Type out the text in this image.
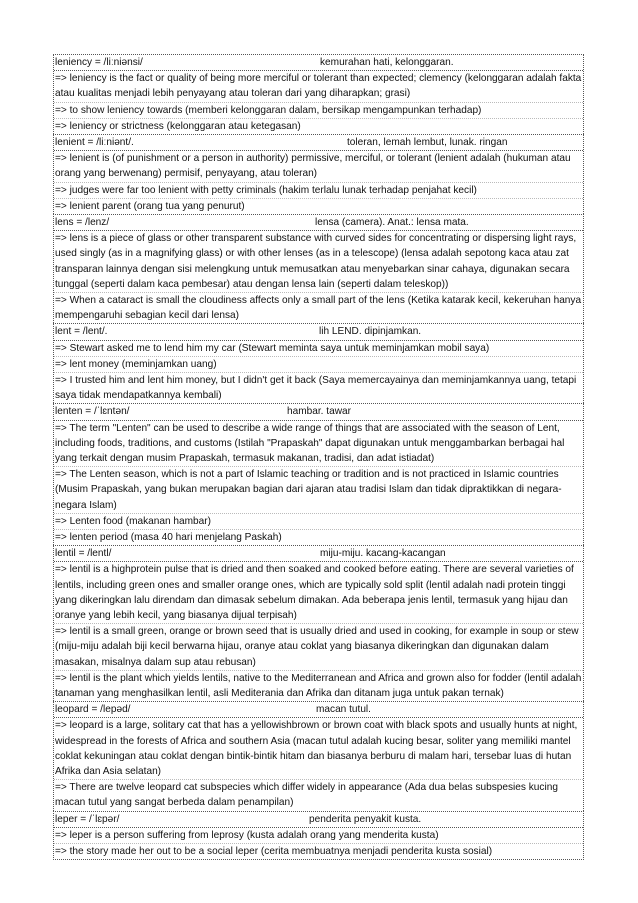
leniency = /liːniənsi/	kemurahan hati, kelonggaran.

=> leniency is the fact or quality of being more merciful or tolerant than expected; clemency (kelonggaran adalah fakta atau kualitas menjadi lebih penyayang atau toleran dari yang diharapkan; grasi)

=> to show leniency towards (memberi kelonggaran dalam, bersikap mengampunkan terhadap)

=> leniency or strictness (kelonggaran atau ketegasan)

lenient = /liːniənt/.	toleran, lemah lembut, lunak. ringan

=> lenient is (of punishment or a person in authority) permissive, merciful, or tolerant (lenient adalah (hukuman atau orang yang berwenang) permisif, penyayang, atau toleran)

=> judges were far too lenient with petty criminals (hakim terlalu lunak terhadap penjahat kecil)

=> lenient parent (orang tua yang penurut)

lens = /lenz/	lensa (camera). Anat.: lensa mata.

=> lens is a piece of glass or other transparent substance with curved sides for concentrating or dispersing light rays, used singly (as in a magnifying glass) or with other lenses (as in a telescope) (lensa adalah sepotong kaca atau zat transparan lainnya dengan sisi melengkung untuk memusatkan atau menyebarkan sinar cahaya, digunakan secara tunggal (seperti dalam kaca pembesar) atau dengan lensa lain (seperti dalam teleskop))

=> When a cataract is small the cloudiness affects only a small part of the lens (Ketika katarak kecil, kekeruhan hanya mempengaruhi sebagian kecil dari lensa)

lent = /lent/.	lih LEND. dipinjamkan.

=> Stewart asked me to lend him my car (Stewart meminta saya untuk meminjamkan mobil saya)

=> lent money (meminjamkan uang)

=> I trusted him and lent him money, but I didn't get it back (Saya memercayainya dan meminjamkannya uang, tetapi saya tidak mendapatkannya kembali)

lenten = /ˈlɛntən/	hambar. tawar

=> The term "Lenten" can be used to describe a wide range of things that are associated with the season of Lent, including foods, traditions, and customs (Istilah "Prapaskah" dapat digunakan untuk menggambarkan berbagai hal yang terkait dengan musim Prapaskah, termasuk makanan, tradisi, dan adat istiadat)

=> The Lenten season, which is not a part of Islamic teaching or tradition and is not practiced in Islamic countries (Musim Prapaskah, yang bukan merupakan bagian dari ajaran atau tradisi Islam dan tidak dipraktikkan di negara-negara Islam)

=> Lenten food (makanan hambar)

=> lenten period (masa 40 hari menjelang Paskah)

lentil = /lentl/	miju-miju. kacang-kacangan

=> lentil is a highprotein pulse that is dried and then soaked and cooked before eating. There are several varieties of lentils, including green ones and smaller orange ones, which are typically sold split (lentil adalah nadi protein tinggi yang dikeringkan lalu direndam dan dimasak sebelum dimakan. Ada beberapa jenis lentil, termasuk yang hijau dan oranye yang lebih kecil, yang biasanya dijual terpisah)

=> lentil is a small green, orange or brown seed that is usually dried and used in cooking, for example in soup or stew (miju-miju adalah biji kecil berwarna hijau, oranye atau coklat yang biasanya dikeringkan dan digunakan dalam masakan, misalnya dalam sup atau rebusan)

=> lentil is the plant which yields lentils, native to the Mediterranean and Africa and grown also for fodder (lentil adalah tanaman yang menghasilkan lentil, asli Mediterania dan Afrika dan ditanam juga untuk pakan ternak)

leopard = /lepəd/	macan tutul.

=> leopard is a large, solitary cat that has a yellowishbrown or brown coat with black spots and usually hunts at night, widespread in the forests of Africa and southern Asia (macan tutul adalah kucing besar, soliter yang memiliki mantel coklat kekuningan atau coklat dengan bintik-bintik hitam dan biasanya berburu di malam hari, tersebar luas di hutan Afrika dan Asia selatan)

=> There are twelve leopard cat subspecies which differ widely in appearance (Ada dua belas subspesies kucing macan tutul yang sangat berbeda dalam penampilan)

leper = /ˈlɛpər/	penderita penyakit kusta.

=> leper is a person suffering from leprosy (kusta adalah orang yang menderita kusta)

=> the story made her out to be a social leper (cerita membuatnya menjadi penderita kusta sosial)
